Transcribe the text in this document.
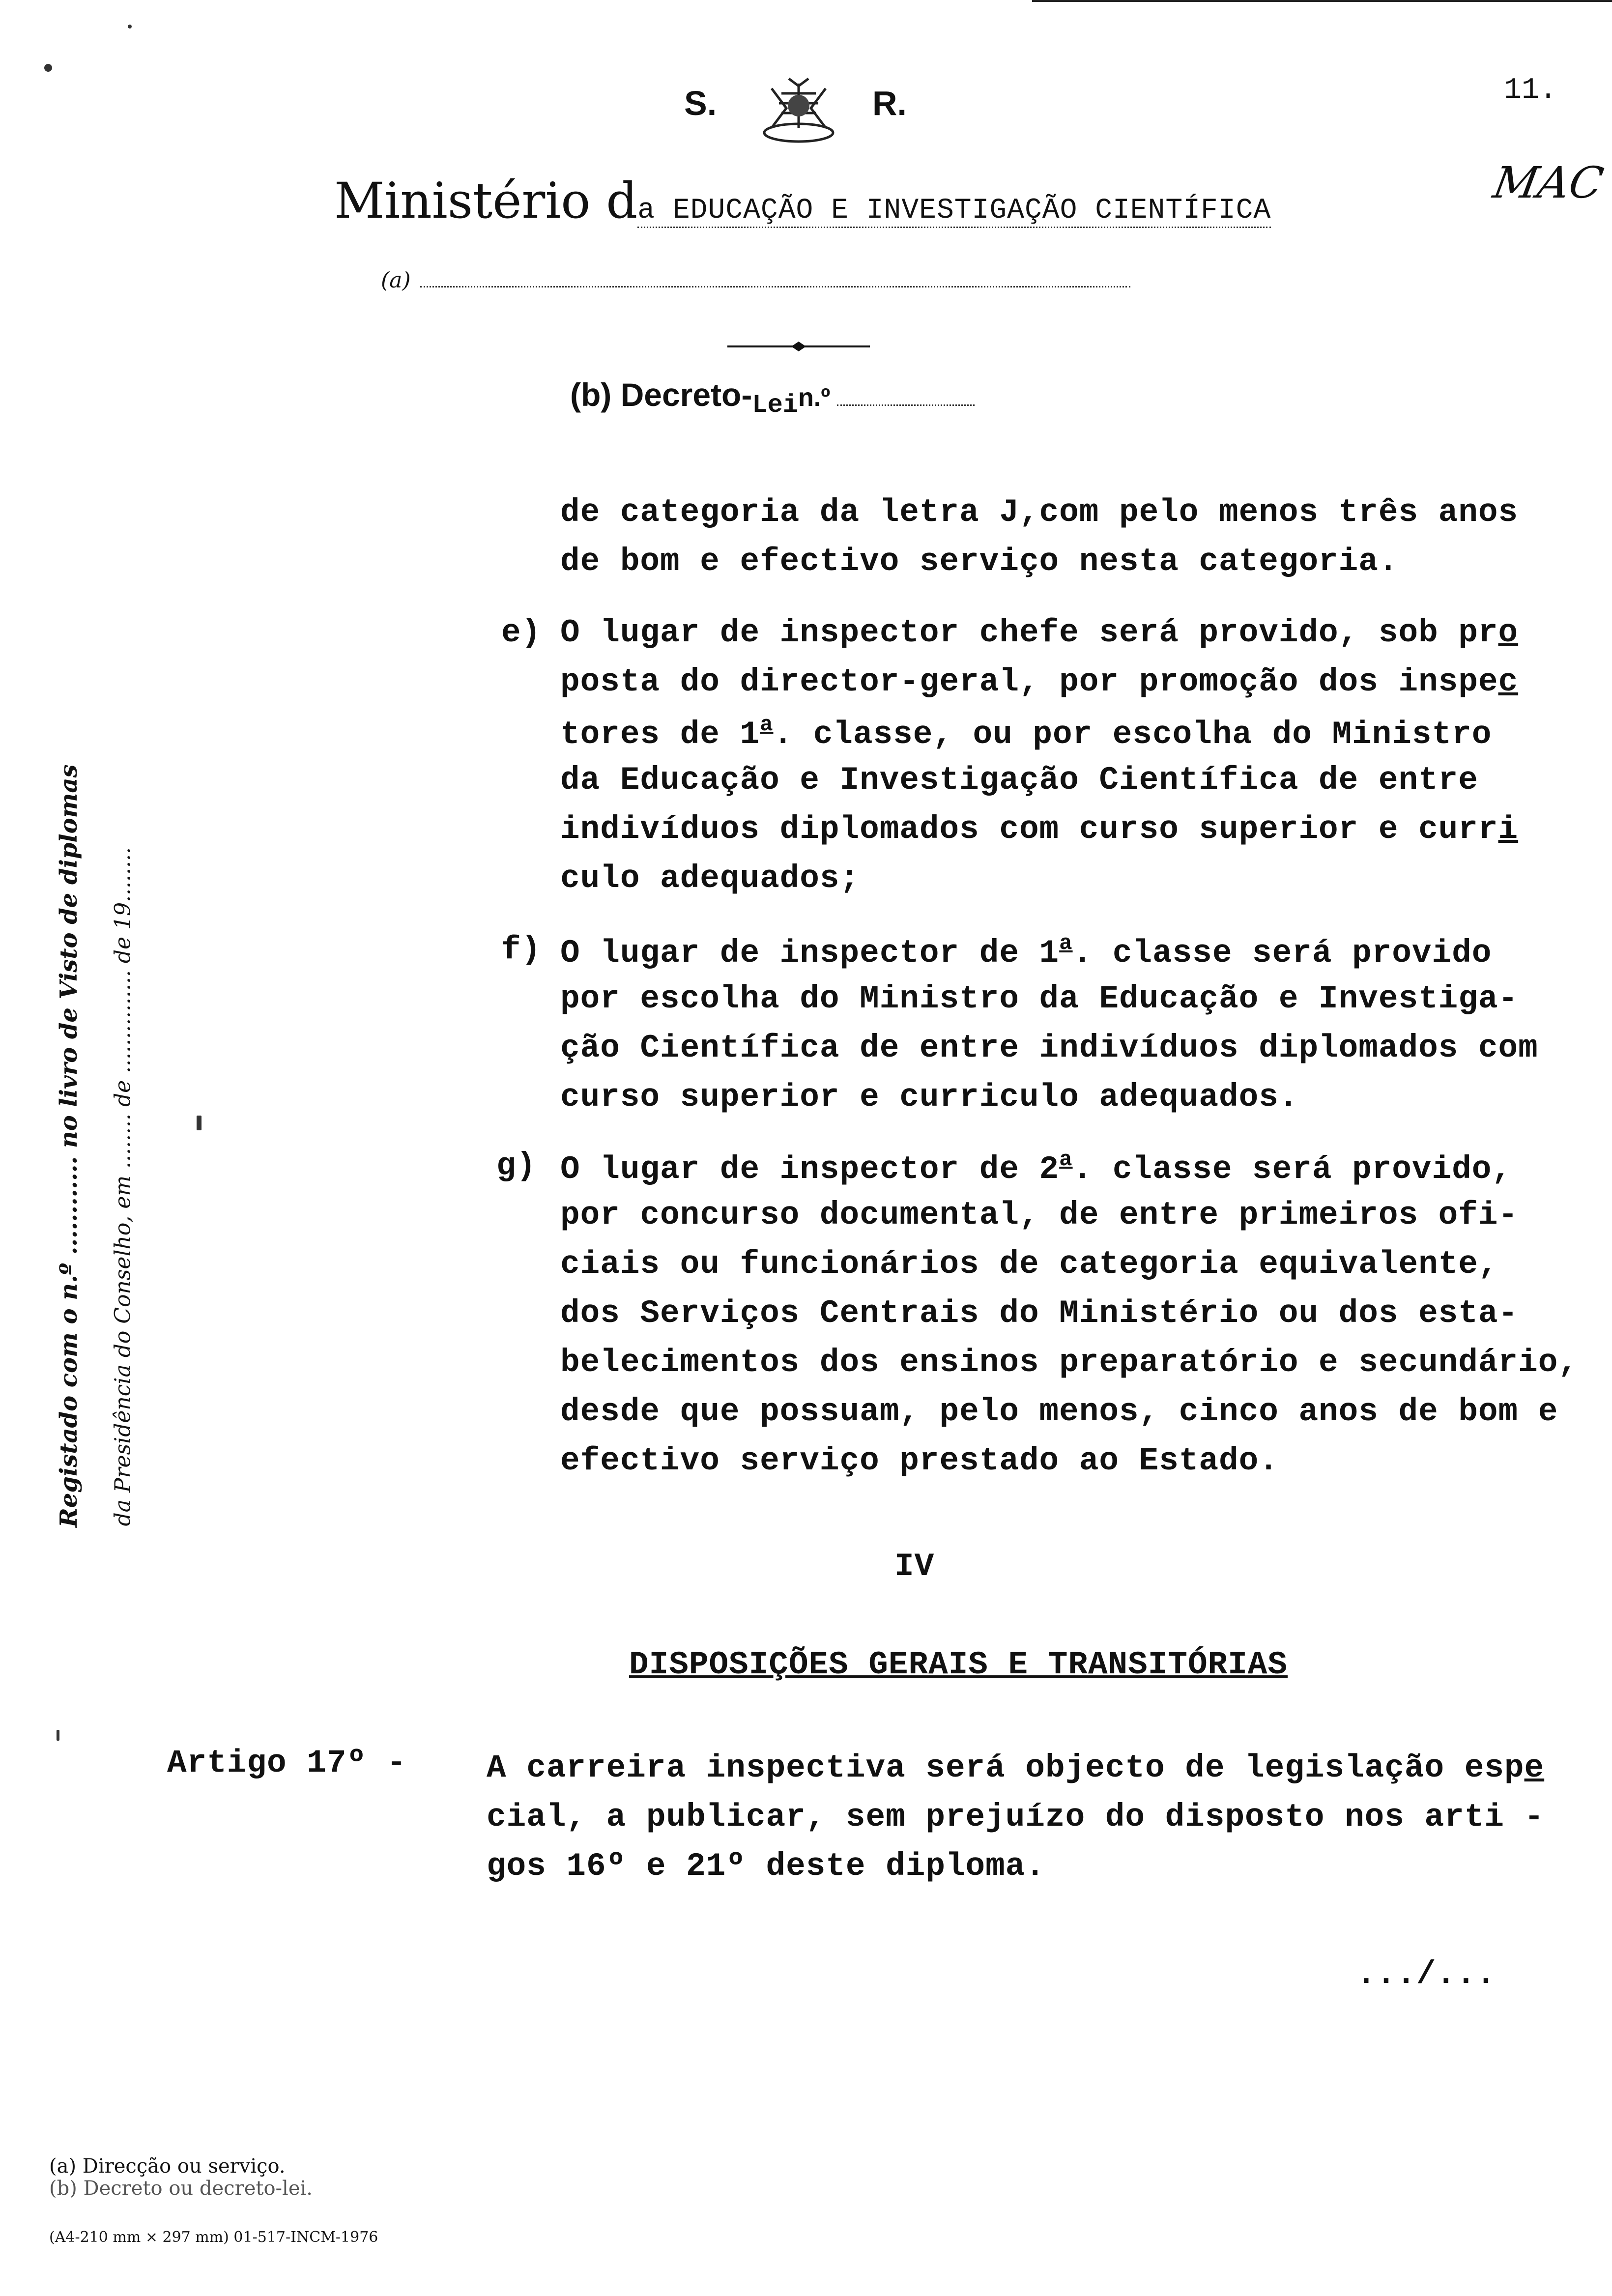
S.	R.	11.
MAC
Ministério da EDUCAÇÃO E INVESTIGAÇÃO CIENTÍFICA
(a)
(b) Decreto-Lein.º
Registado com o n.º ............ no livro de Visto de diplomas da Presidência do Conselho, em ........ de ............... de 19........
de categoria da letra J,com pelo menos três anos
de bom e efectivo serviço nesta categoria.
e) O lugar de inspector chefe será provido, sob pro
posta do director-geral, por promoção dos inspec
tores de 1$^a$. classe, ou por escolha do Ministro
da Educação e Investigação Científica de entre
indivíduos diplomados com curso superior e curri
culo adequados;
f) O lugar de inspector de 1$^a$. classe será provido
por escolha do Ministro da Educação e Investiga-
ção Científica de entre indivíduos diplomados com
curso superior e curriculo adequados.
g) O lugar de inspector de 2$^a$. classe será provido,
por concurso documental, de entre primeiros ofi-
ciais ou funcionários de categoria equivalente,
dos Serviços Centrais do Ministério ou dos esta-
belecimentos dos ensinos preparatório e secundário,
desde que possuam, pelo menos, cinco anos de bom e
efectivo serviço prestado ao Estado.
IV
DISPOSIÇÕES GERAIS E TRANSITÓRIAS
Artigo 17º - A carreira inspectiva será objecto de legislação espe
cial, a publicar, sem prejuízo do disposto nos arti -
gos 16º e 21º deste diploma.
.../...
(a) Direcção ou serviço.
(b) Decreto ou decreto-lei.
(A4-210 mm × 297 mm) 01-517-INCM-1976
